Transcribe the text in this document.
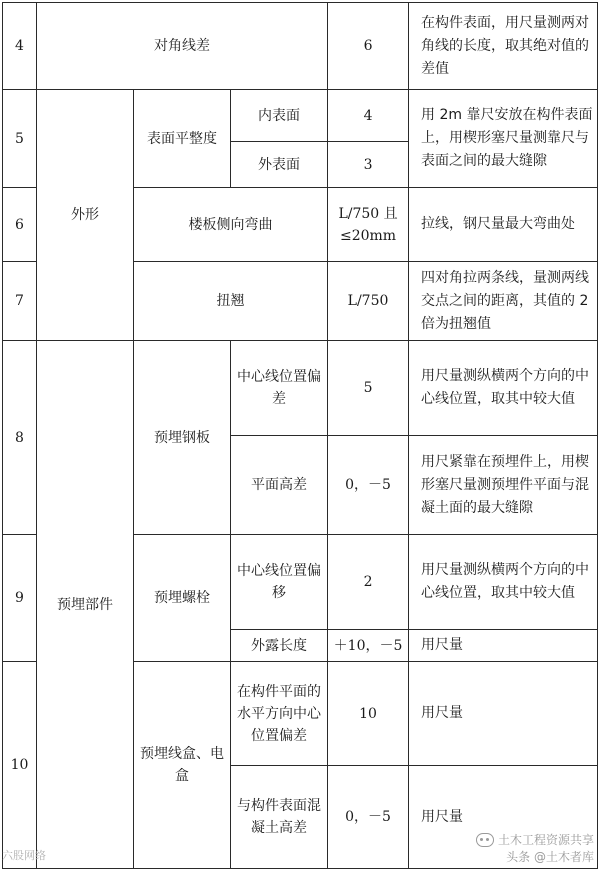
4	对角线差			6	在构件表面，用尺量测两对角线的长度，取其绝对值的差值
5	外形	表面平整度	内表面	4	用 2m 靠尺安放在构件表面上，用楔形塞尺量测靠尺与表面之间的最大缝隙
			外表面	3	
6		楼板侧向弯曲		L/750 且≤20mm	拉线，钢尺量最大弯曲处
7		扭翘		L/750	四对角拉两条线，量测两线交点之间的距离，其值的 2 倍为扭翘值
8	预埋部件	预埋钢板	中心线位置偏差	5	用尺量测纵横两个方向的中心线位置，取其中较大值
			平面高差	0，－5	用尺紧靠在预埋件上，用楔形塞尺量测预埋件平面与混凝土面的最大缝隙
9		预埋螺栓	中心线位置偏移	2	用尺量测纵横两个方向的中心线位置，取其中较大值
			外露长度	＋10，－5	用尺量
10		预埋线盒、电盒	在构件平面的水平方向中心位置偏差	10	用尺量
			与构件表面混凝土高差	0，－5	用尺量
六股网络
土木工程资源共享
头条 @土木者库
